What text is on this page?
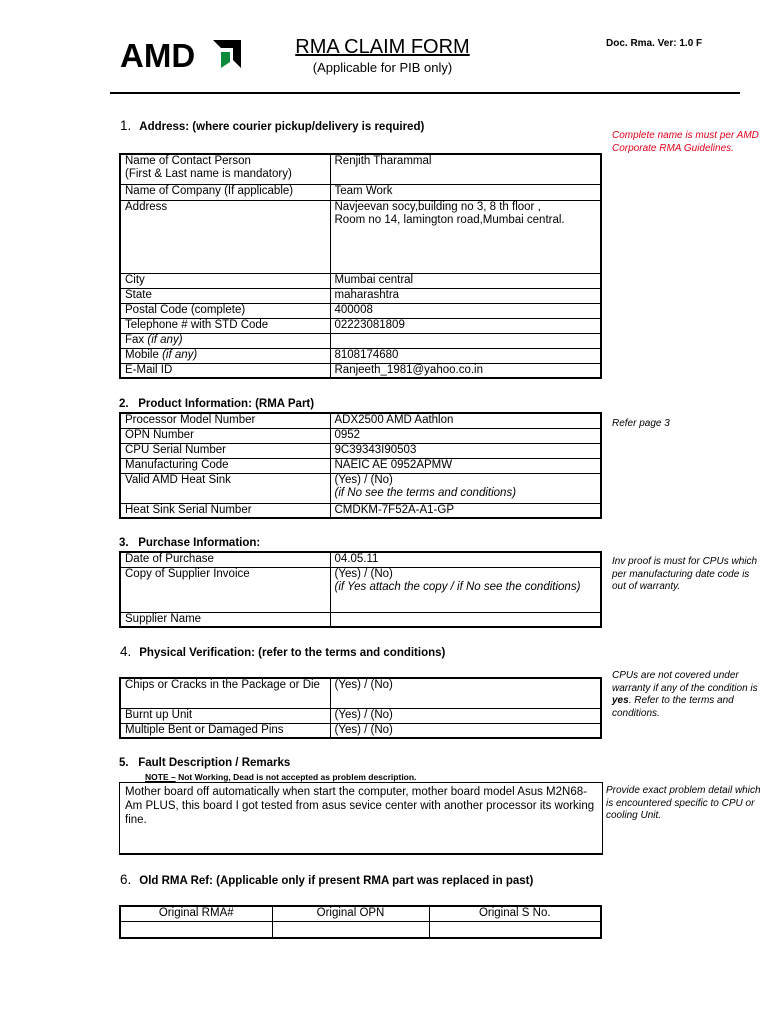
AMD	RMA CLAIM FORM
(Applicable for PIB only)
Doc. Rma. Ver: 1.0 F
1. Address: (where courier pickup/delivery is required)
Complete name is must per AMD Corporate RMA Guidelines.
Name of Contact Person
(First & Last name is mandatory)	Renjith Tharammal
Name of Company (If applicable)	Team Work
Address	Navjeevan socy,building no 3, 8 th floor ,
Room no 14, lamington road,Mumbai central.
City	Mumbai central
State	maharashtra
Postal Code (complete)	400008
Telephone # with STD Code	02223081809
Fax (if any)	
Mobile (if any)	8108174680
E-Mail ID	Ranjeeth_1981@yahoo.co.in
2. Product Information: (RMA Part)
Refer page 3
Processor Model Number	ADX2500 AMD Aathlon
OPN Number	0952
CPU Serial Number	9C39343I90503
Manufacturing Code	NAEIC AE 0952APMW
Valid AMD Heat Sink	(Yes) / (No)
(if No see the terms and conditions)
Heat Sink Serial Number	CMDKM-7F52A-A1-GP
3. Purchase Information:
Inv proof is must for CPUs which per manufacturing date code is out of warranty.
Date of Purchase	04.05.11
Copy of Supplier Invoice	(Yes) / (No)
(if Yes attach the copy / if No see the conditions)
Supplier Name	
4. Physical Verification: (refer to the terms and conditions)
CPUs are not covered under warranty if any of the condition is yes. Refer to the terms and conditions.
Chips or Cracks in the Package or Die	(Yes) / (No)
Burnt up Unit	(Yes) / (No)
Multiple Bent or Damaged Pins	(Yes) / (No)
5. Fault Description / Remarks
NOTE – Not Working, Dead is not accepted as problem description.
Mother board off automatically when start the computer, mother board model Asus M2N68-Am PLUS, this board I got tested from asus sevice center with another processor its working fine.
Provide exact problem detail which is encountered specific to CPU or cooling Unit.
6. Old RMA Ref: (Applicable only if present RMA part was replaced in past)
Original RMA#	Original OPN	Original S No.
